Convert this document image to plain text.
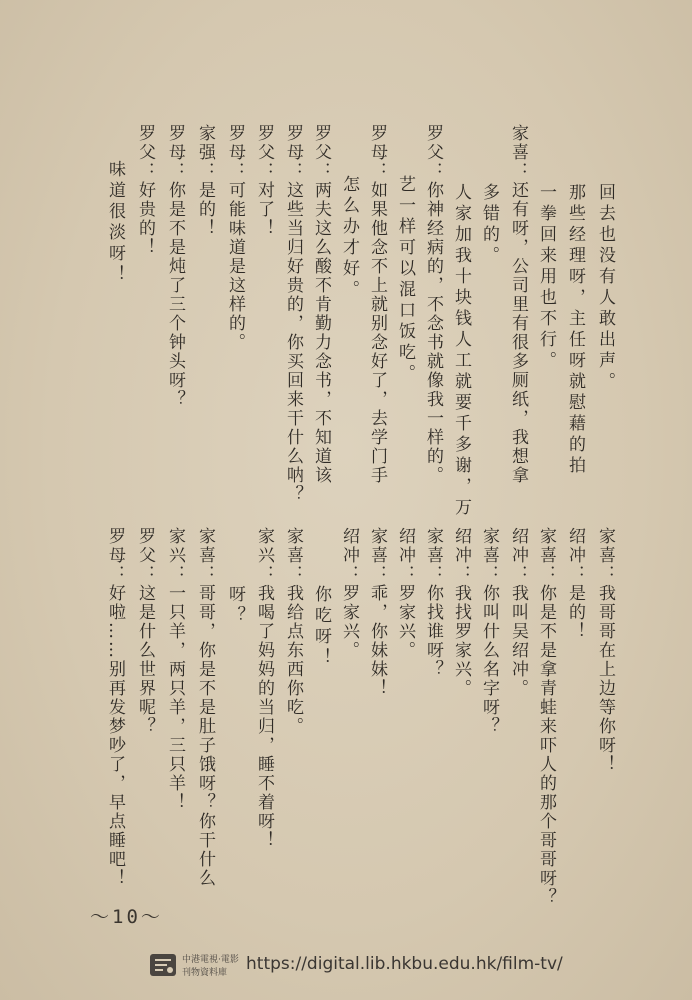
回去也没有人敢出声。
那些经理呀，主任呀就慰藉的拍
一拳回来用也不行。
家喜：还有呀，公司里有很多厕纸，我想拿
多错的。
人家加我十块钱人工就要千多谢，万
罗父：你神经病的，不念书就像我一样的。
艺一样可以混口饭吃。
罗母：如果他念不上就别念好了，去学门手
怎么办才好。
罗父：两夫这么酸不肯勤力念书，不知道该
罗母：这些当归好贵的，你买回来干什么呐？
罗父：对了！
罗母：可能味道是这样的。
家强：是的！
罗母：你是不是炖了三个钟头呀？
罗父：好贵的！
味道很淡呀！
家喜：我哥哥在上边等你呀！
绍冲：是的！
家喜：你是不是拿青蛙来吓人的那个哥哥呀？
绍冲：我叫吴绍冲。
家喜：你叫什么名字呀？
绍冲：我找罗家兴。
家喜：你找谁呀？
绍冲：罗家兴。
家喜：乖，你妹妹！
绍冲：罗家兴。
你吃呀！
家喜：我给点东西你吃。
家兴：我喝了妈妈的当归，睡不着呀！
呀？
家喜：哥哥，你是不是肚子饿呀？你干什么
家兴：一只羊，两只羊，三只羊！
罗父：这是什么世界呢？
罗母：好啦……别再发梦吵了，早点睡吧！
～10～
中港電視·電影
刊物資料庫 https://digital.lib.hkbu.edu.hk/film-tv/
